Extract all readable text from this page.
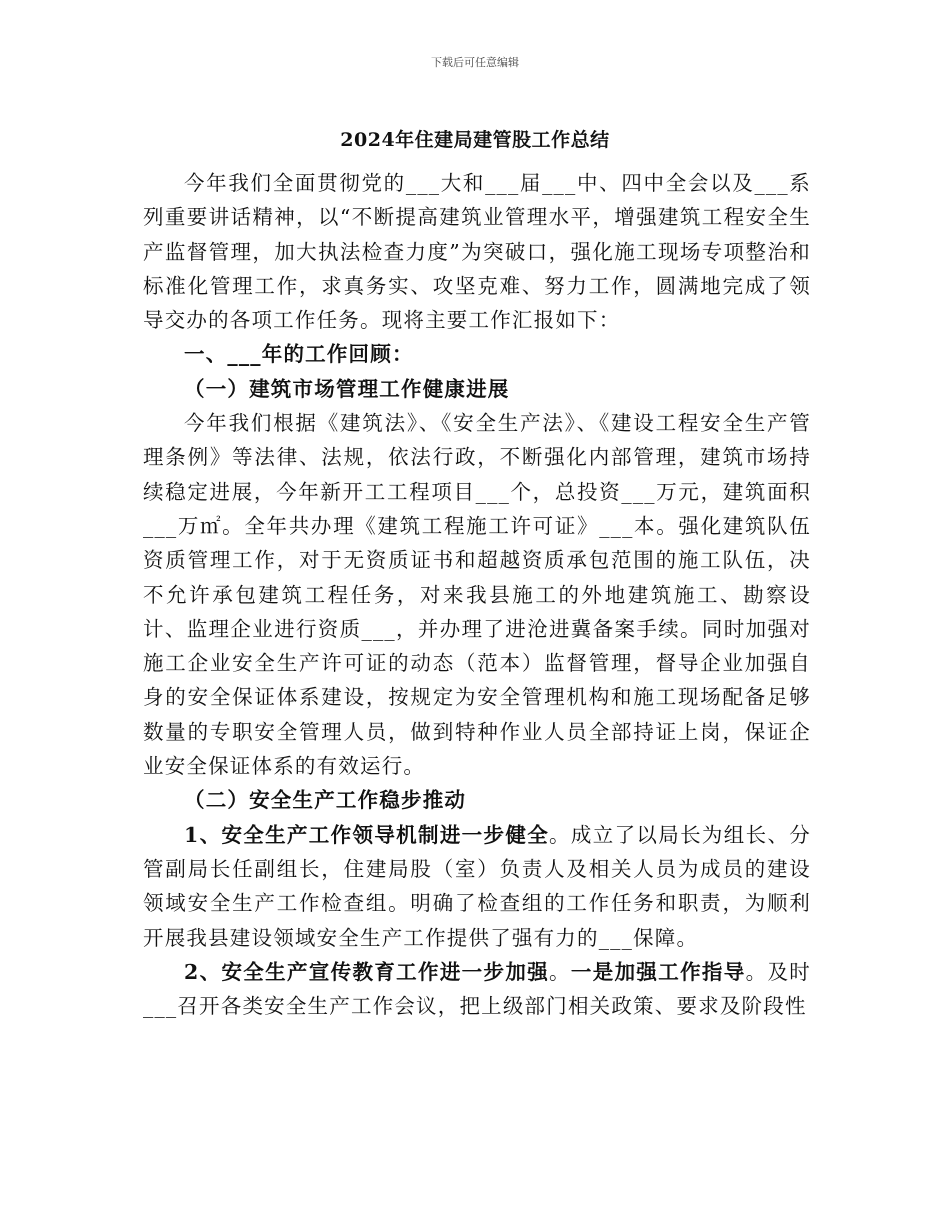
下载后可任意编辑
2024年住建局建管股工作总结

今年我们全面贯彻党的___大和___届___中、四中全会以及___系列重要讲话精神，以“不断提高建筑业管理水平，增强建筑工程安全生产监督管理，加大执法检查力度”为突破口，强化施工现场专项整治和标准化管理工作，求真务实、攻坚克难、努力工作，圆满地完成了领导交办的各项工作任务。现将主要工作汇报如下：

一、___年的工作回顾：

（一）建筑市场管理工作健康进展

今年我们根据《建筑法》、《安全生产法》、《建设工程安全生产管理条例》等法律、法规，依法行政，不断强化内部管理，建筑市场持续稳定进展，今年新开工工程项目___个，总投资___万元，建筑面积___万㎡。全年共办理《建筑工程施工许可证》___本。强化建筑队伍资质管理工作，对于无资质证书和超越资质承包范围的施工队伍，决不允许承包建筑工程任务，对来我县施工的外地建筑施工、勘察设计、监理企业进行资质___，并办理了进沧进冀备案手续。同时加强对施工企业安全生产许可证的动态（范本）监督管理，督导企业加强自身的安全保证体系建设，按规定为安全管理机构和施工现场配备足够数量的专职安全管理人员，做到特种作业人员全部持证上岗，保证企业安全保证体系的有效运行。

（二）安全生产工作稳步推动

1、安全生产工作领导机制进一步健全。成立了以局长为组长、分管副局长任副组长，住建局股（室）负责人及相关人员为成员的建设领域安全生产工作检查组。明确了检查组的工作任务和职责，为顺利开展我县建设领域安全生产工作提供了强有力的___保障。

2、安全生产宣传教育工作进一步加强。一是加强工作指导。及时___召开各类安全生产工作会议，把上级部门相关政策、要求及阶段性
